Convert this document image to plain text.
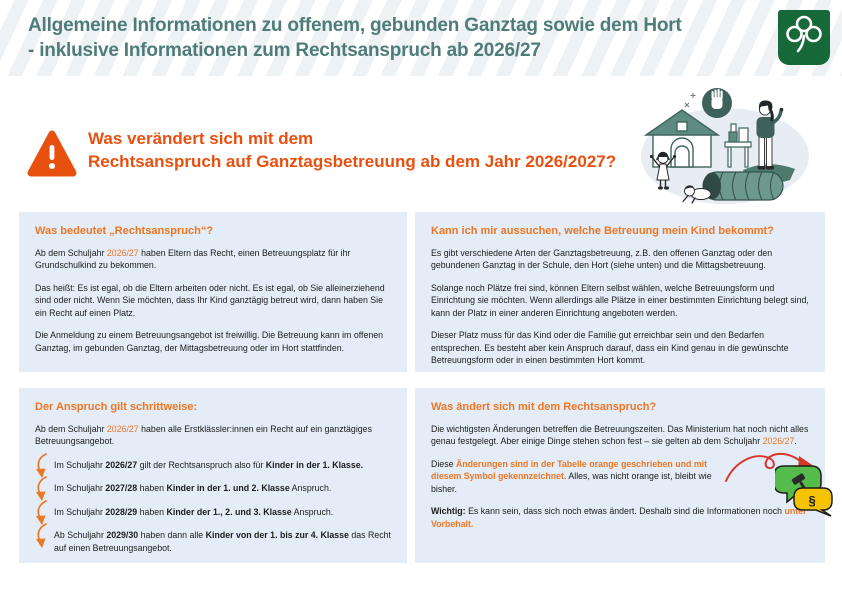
Allgemeine Informationen zu offenem, gebunden Ganztag sowie dem Hort
- inklusive Informationen zum Rechtsanspruch ab 2026/27
Was verändert sich mit dem
Rechtsanspruch auf Ganztagsbetreuung ab dem Jahr 2026/2027?
Was bedeutet „Rechtsanspruch“?

Ab dem Schuljahr 2026/27 haben Eltern das Recht, einen Betreuungsplatz für ihr Grundschulkind zu bekommen.

Das heißt: Es ist egal, ob die Eltern arbeiten oder nicht. Es ist egal, ob Sie alleinerziehend sind oder nicht. Wenn Sie möchten, dass Ihr Kind ganztägig betreut wird, dann haben Sie ein Recht auf einen Platz.

Die Anmeldung zu einem Betreuungsangebot ist freiwillig. Die Betreuung kann im offenen Ganztag, im gebunden Ganztag, der Mittagsbetreuung oder im Hort stattfinden.

Kann ich mir aussuchen, welche Betreuung mein Kind bekommt?

Es gibt verschiedene Arten der Ganztagsbetreuung, z.B. den offenen Ganztag oder den gebundenen Ganztag in der Schule, den Hort (siehe unten) und die Mittagsbetreuung.

Solange noch Plätze frei sind, können Eltern selbst wählen, welche Betreuungsform und Einrichtung sie möchten. Wenn allerdings alle Plätze in einer bestimmten Einrichtung belegt sind, kann der Platz in einer anderen Einrichtung angeboten werden.

Dieser Platz muss für das Kind oder die Familie gut erreichbar sein und den Bedarfen entsprechen. Es besteht aber kein Anspruch darauf, dass ein Kind genau in die gewünschte Betreuungsform oder in einen bestimmten Hort kommt.

Der Anspruch gilt schrittweise:

Ab dem Schuljahr 2026/27 haben alle Erstklässler:innen ein Recht auf ein ganztägiges Betreuungsangebot.

Im Schuljahr 2026/27 gilt der Rechtsanspruch also für Kinder in der 1. Klasse.
Im Schuljahr 2027/28 haben Kinder in der 1. und 2. Klasse Anspruch.
Im Schuljahr 2028/29 haben Kinder der 1., 2. und 3. Klasse Anspruch.
Ab Schuljahr 2029/30 haben dann alle Kinder von der 1. bis zur 4. Klasse das Recht auf einen Betreuungsangebot.
Was ändert sich mit dem Rechtsanspruch?

Die wichtigsten Änderungen betreffen die Betreuungszeiten. Das Ministerium hat noch nicht alles genau festgelegt. Aber einige Dinge stehen schon fest – sie gelten ab dem Schuljahr 2026/27.

Diese Änderungen sind in der Tabelle orange geschrieben und mit diesem Symbol gekennzeichnet. Alles, was nicht orange ist, bleibt wie bisher.

Wichtig: Es kann sein, dass sich noch etwas ändert. Deshalb sind die Informationen noch unter Vorbehalt.

§
